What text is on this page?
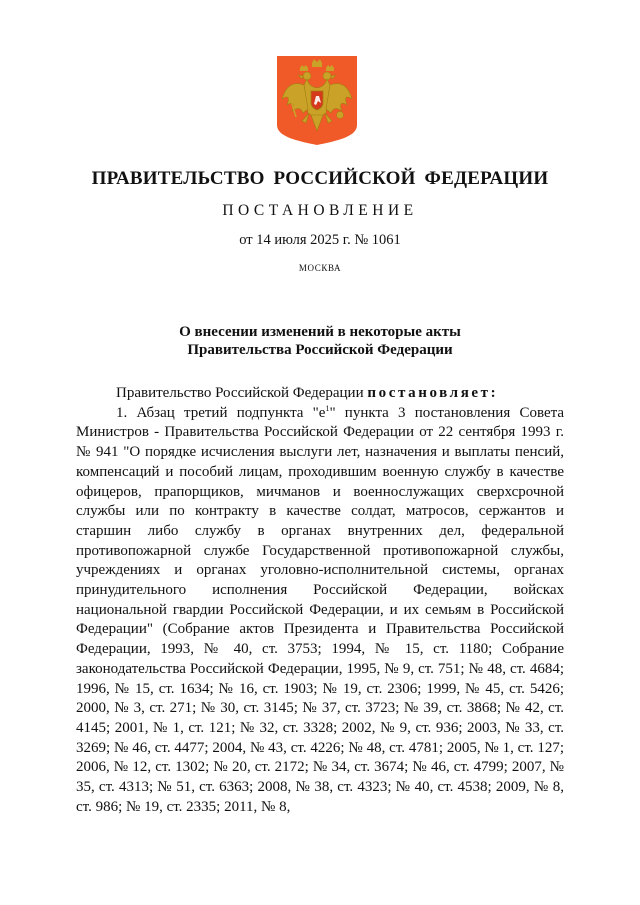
ПРАВИТЕЛЬСТВО РОССИЙСКОЙ ФЕДЕРАЦИИ
ПОСТАНОВЛЕНИЕ
от 14 июля 2025 г. № 1061
МОСКВА
О внесении изменений в некоторые акты
Правительства Российской Федерации

Правительство Российской Федерации постановляет:

1. Абзац третий подпункта "$е^1$" пункта 3 постановления Совета Министров - Правительства Российской Федерации от 22 сентября 1993 г. № 941 "О порядке исчисления выслуги лет, назначения и выплаты пенсий, компенсаций и пособий лицам, проходившим военную службу в качестве офицеров, прапорщиков, мичманов и военнослужащих сверхсрочной службы или по контракту в качестве солдат, матросов, сержантов и старшин либо службу в органах внутренних дел, федеральной противопожарной службе Государственной противопожарной службы, учреждениях и органах уголовно-исполнительной системы, органах принудительного исполнения Российской Федерации, войсках национальной гвардии Российской Федерации, и их семьям в Российской Федерации" (Собрание актов Президента и Правительства Российской Федерации, 1993, № 40, ст. 3753; 1994, № 15, ст. 1180; Собрание законодательства Российской Федерации, 1995, № 9, ст. 751; № 48, ст. 4684; 1996, № 15, ст. 1634; № 16, ст. 1903; № 19, ст. 2306; 1999, № 45, ст. 5426; 2000, № 3, ст. 271; № 30, ст. 3145; № 37, ст. 3723; № 39, ст. 3868; № 42, ст. 4145; 2001, № 1, ст. 121; № 32, ст. 3328; 2002, № 9, ст. 936; 2003, № 33, ст. 3269; № 46, ст. 4477; 2004, № 43, ст. 4226; № 48, ст. 4781; 2005, № 1, ст. 127; 2006, № 12, ст. 1302; № 20, ст. 2172; № 34, ст. 3674; № 46, ст. 4799; 2007, № 35, ст. 4313; № 51, ст. 6363; 2008, № 38, ст. 4323; № 40, ст. 4538; 2009, № 8, ст. 986; № 19, ст. 2335; 2011, № 8,
